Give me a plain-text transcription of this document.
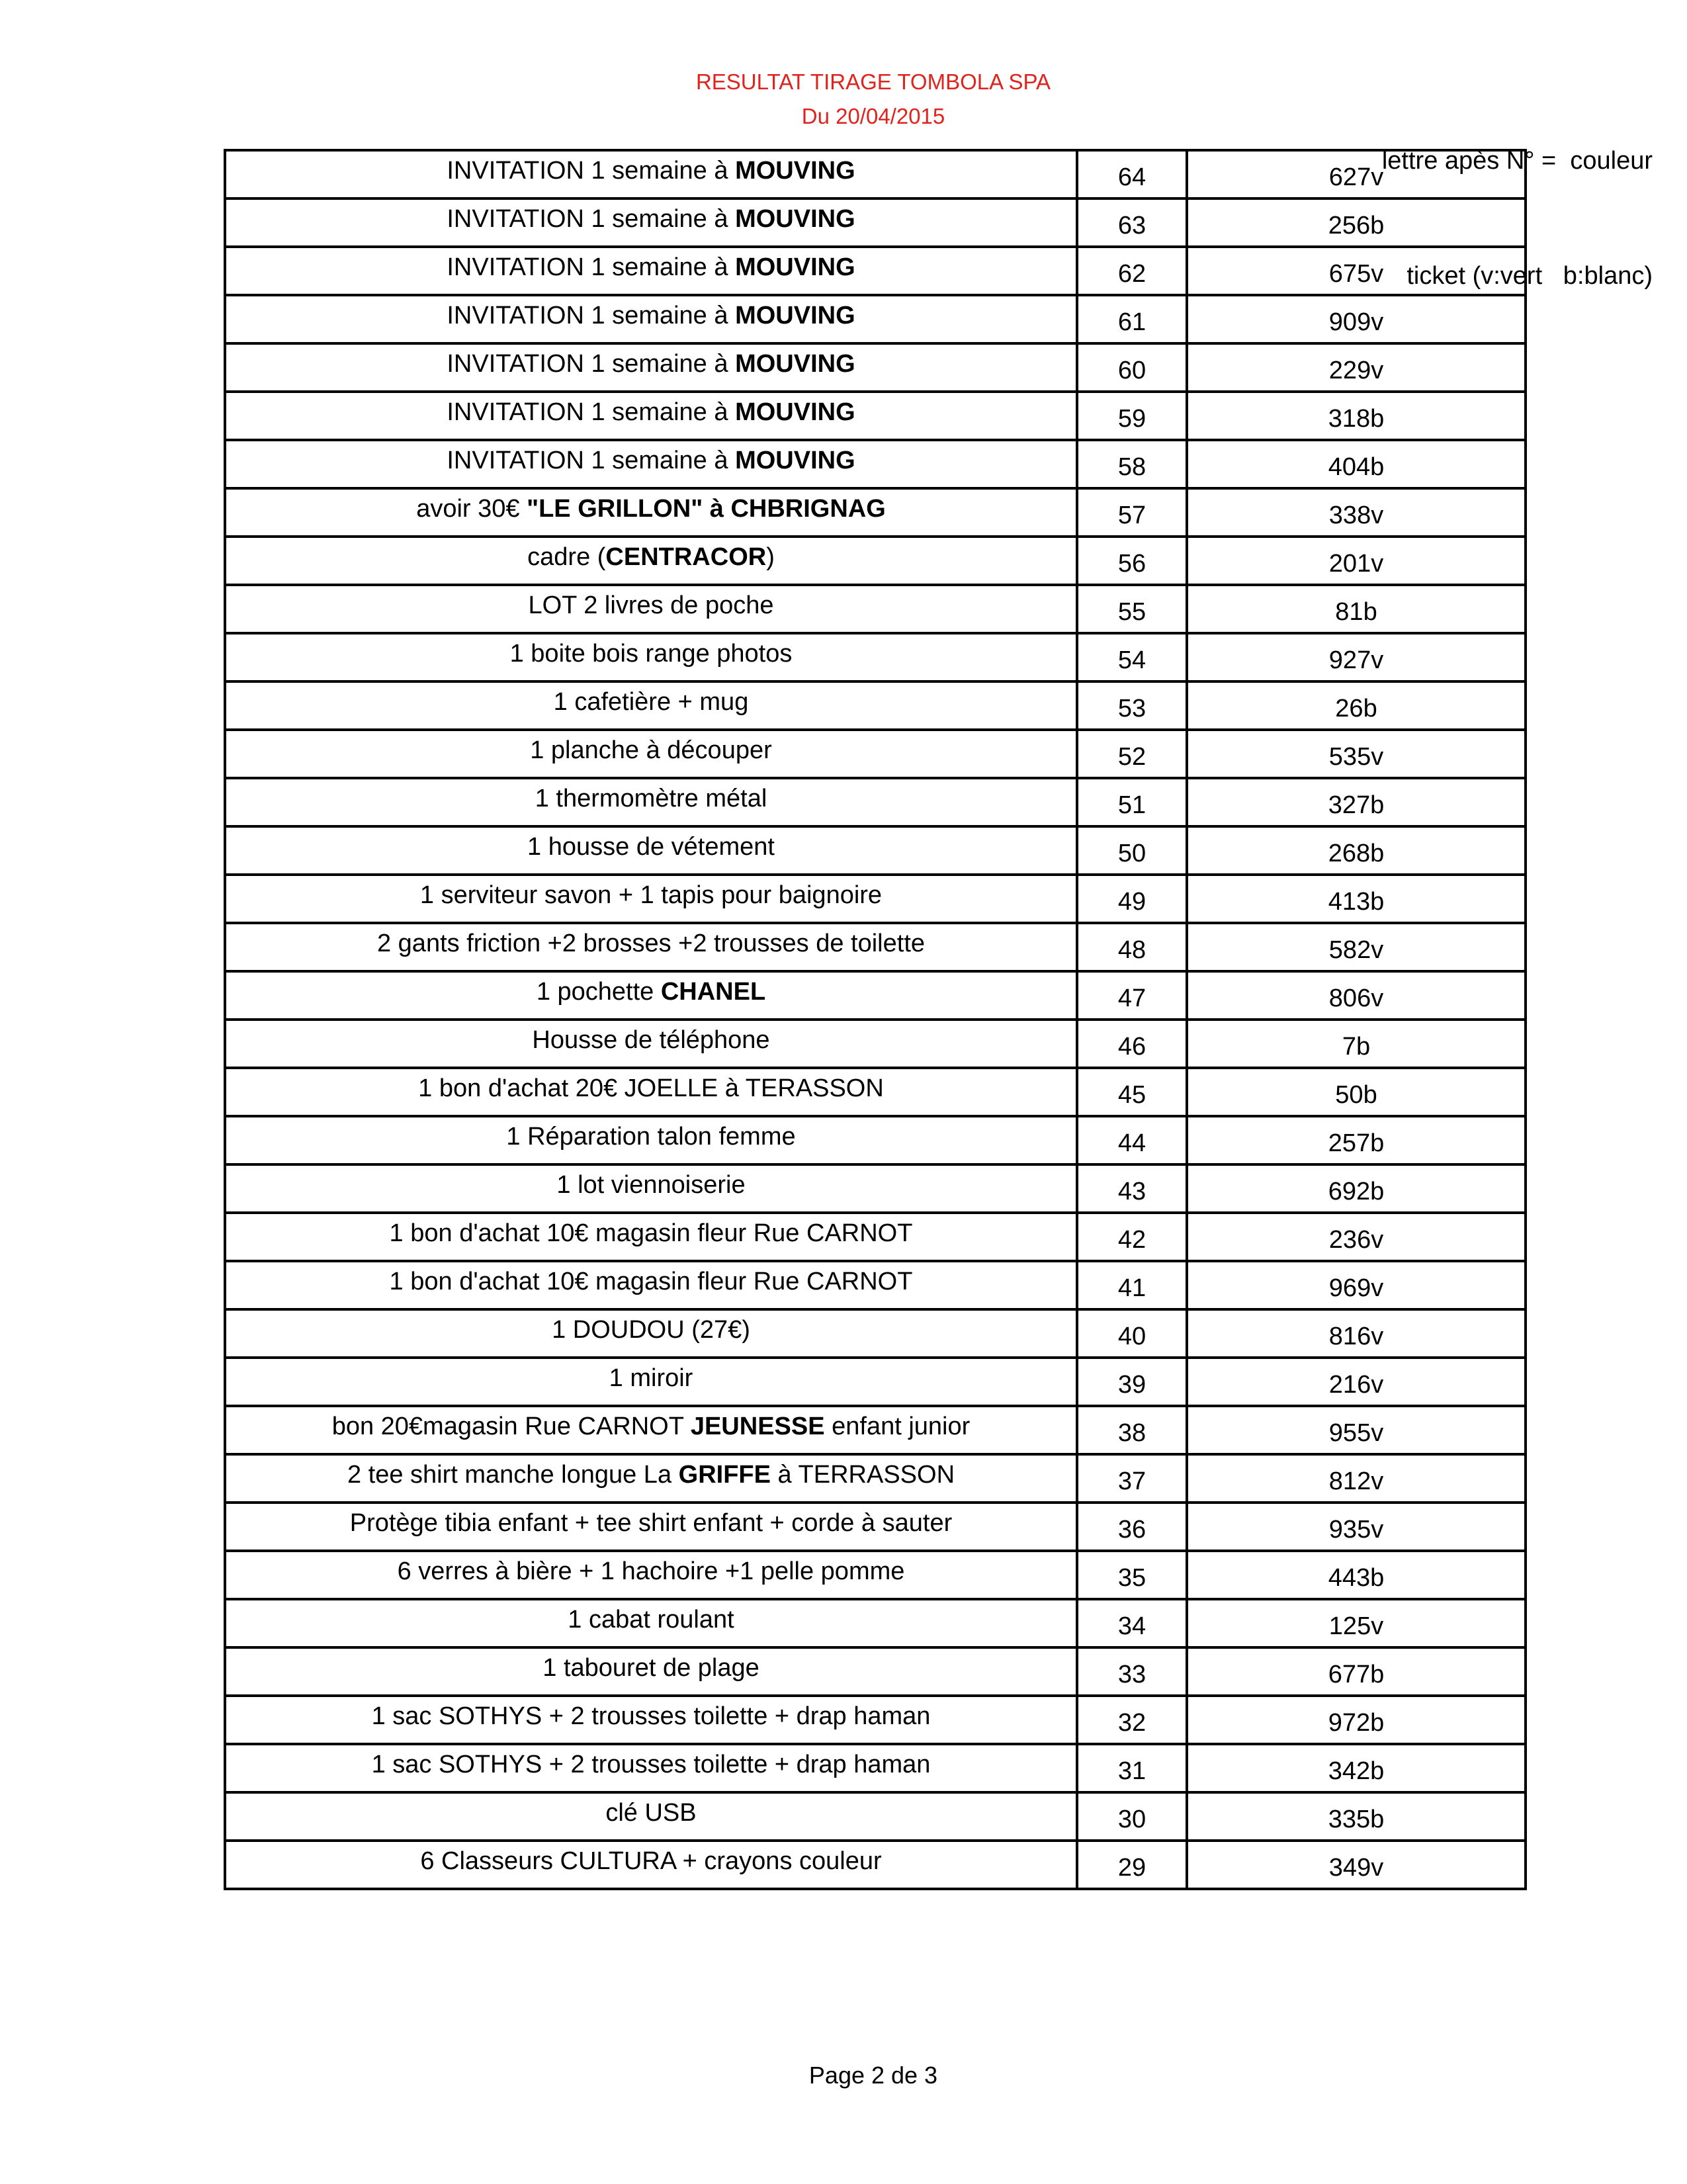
RESULTAT TIRAGE TOMBOLA SPA
Du 20/04/2015

lettre apès N° =  couleur

ticket (v:vert   b:blanc)

INVITATION 1 semaine à MOUVING	64	627v
INVITATION 1 semaine à MOUVING	63	256b
INVITATION 1 semaine à MOUVING	62	675v
INVITATION 1 semaine à MOUVING	61	909v
INVITATION 1 semaine à MOUVING	60	229v
INVITATION 1 semaine à MOUVING	59	318b
INVITATION 1 semaine à MOUVING	58	404b
avoir 30€ "LE GRILLON" à CHBRIGNAG	57	338v
cadre (CENTRACOR)	56	201v
LOT 2 livres de poche	55	81b
1 boite bois range photos	54	927v
1 cafetière + mug	53	26b
1 planche à découper	52	535v
1 thermomètre métal	51	327b
1 housse de vétement	50	268b
1 serviteur savon + 1 tapis pour baignoire	49	413b
2 gants friction +2 brosses +2 trousses de toilette	48	582v
1 pochette CHANEL	47	806v
Housse de téléphone	46	7b
1 bon d'achat 20€ JOELLE à TERASSON	45	50b
1 Réparation talon femme	44	257b
1 lot viennoiserie	43	692b
1 bon d'achat 10€ magasin fleur Rue CARNOT	42	236v
1 bon d'achat 10€ magasin fleur Rue CARNOT	41	969v
1 DOUDOU (27€)	40	816v
1 miroir	39	216v
bon 20€magasin Rue CARNOT JEUNESSE enfant junior	38	955v
2 tee shirt manche longue La GRIFFE à TERRASSON	37	812v
Protège tibia enfant + tee shirt enfant + corde à sauter	36	935v
6 verres à bière + 1 hachoire +1 pelle pomme	35	443b
1 cabat roulant	34	125v
1 tabouret de plage	33	677b
1 sac SOTHYS + 2 trousses toilette + drap haman	32	972b
1 sac SOTHYS + 2 trousses toilette + drap haman	31	342b
clé USB	30	335b
6 Classeurs CULTURA + crayons couleur	29	349v
Page 2 de 3
